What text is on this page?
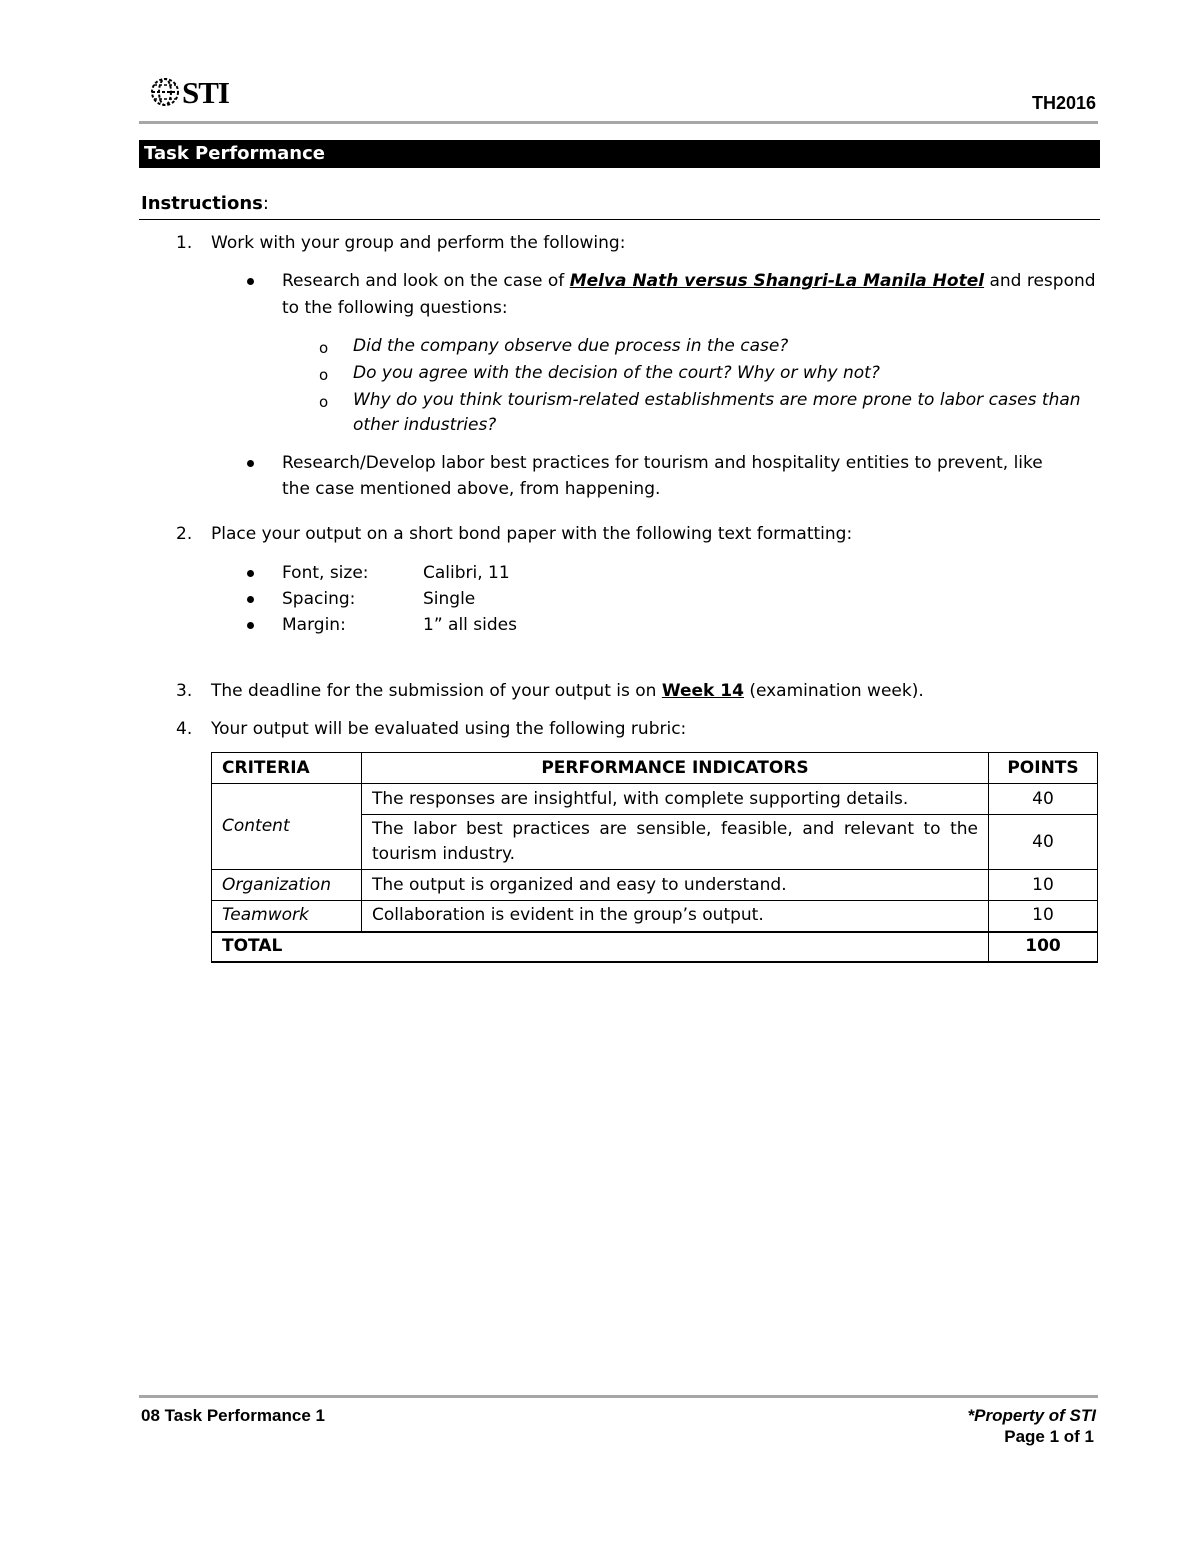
STI	TH2016
Task Performance
Instructions:
1. Work with your group and perform the following:
Research and look on the case of Melva Nath versus Shangri-La Manila Hotel and respond
to the following questions:
o Did the company observe due process in the case?
o Do you agree with the decision of the court? Why or why not?
o Why do you think tourism-related establishments are more prone to labor cases than
other industries?
Research/Develop labor best practices for tourism and hospitality entities to prevent, like
the case mentioned above, from happening.
2. Place your output on a short bond paper with the following text formatting:
Font, size:	Calibri, 11
Spacing:	Single
Margin:	1” all sides
3. The deadline for the submission of your output is on Week 14 (examination week).
4. Your output will be evaluated using the following rubric:
CRITERIA	PERFORMANCE INDICATORS	POINTS
Content	The responses are insightful, with complete supporting details.	40
	The labor best practices are sensible, feasible, and relevant to the tourism industry.	40
Organization	The output is organized and easy to understand.	10
Teamwork	Collaboration is evident in the group’s output.	10
TOTAL		100
08 Task Performance 1	*Property of STI
Page 1 of 1
